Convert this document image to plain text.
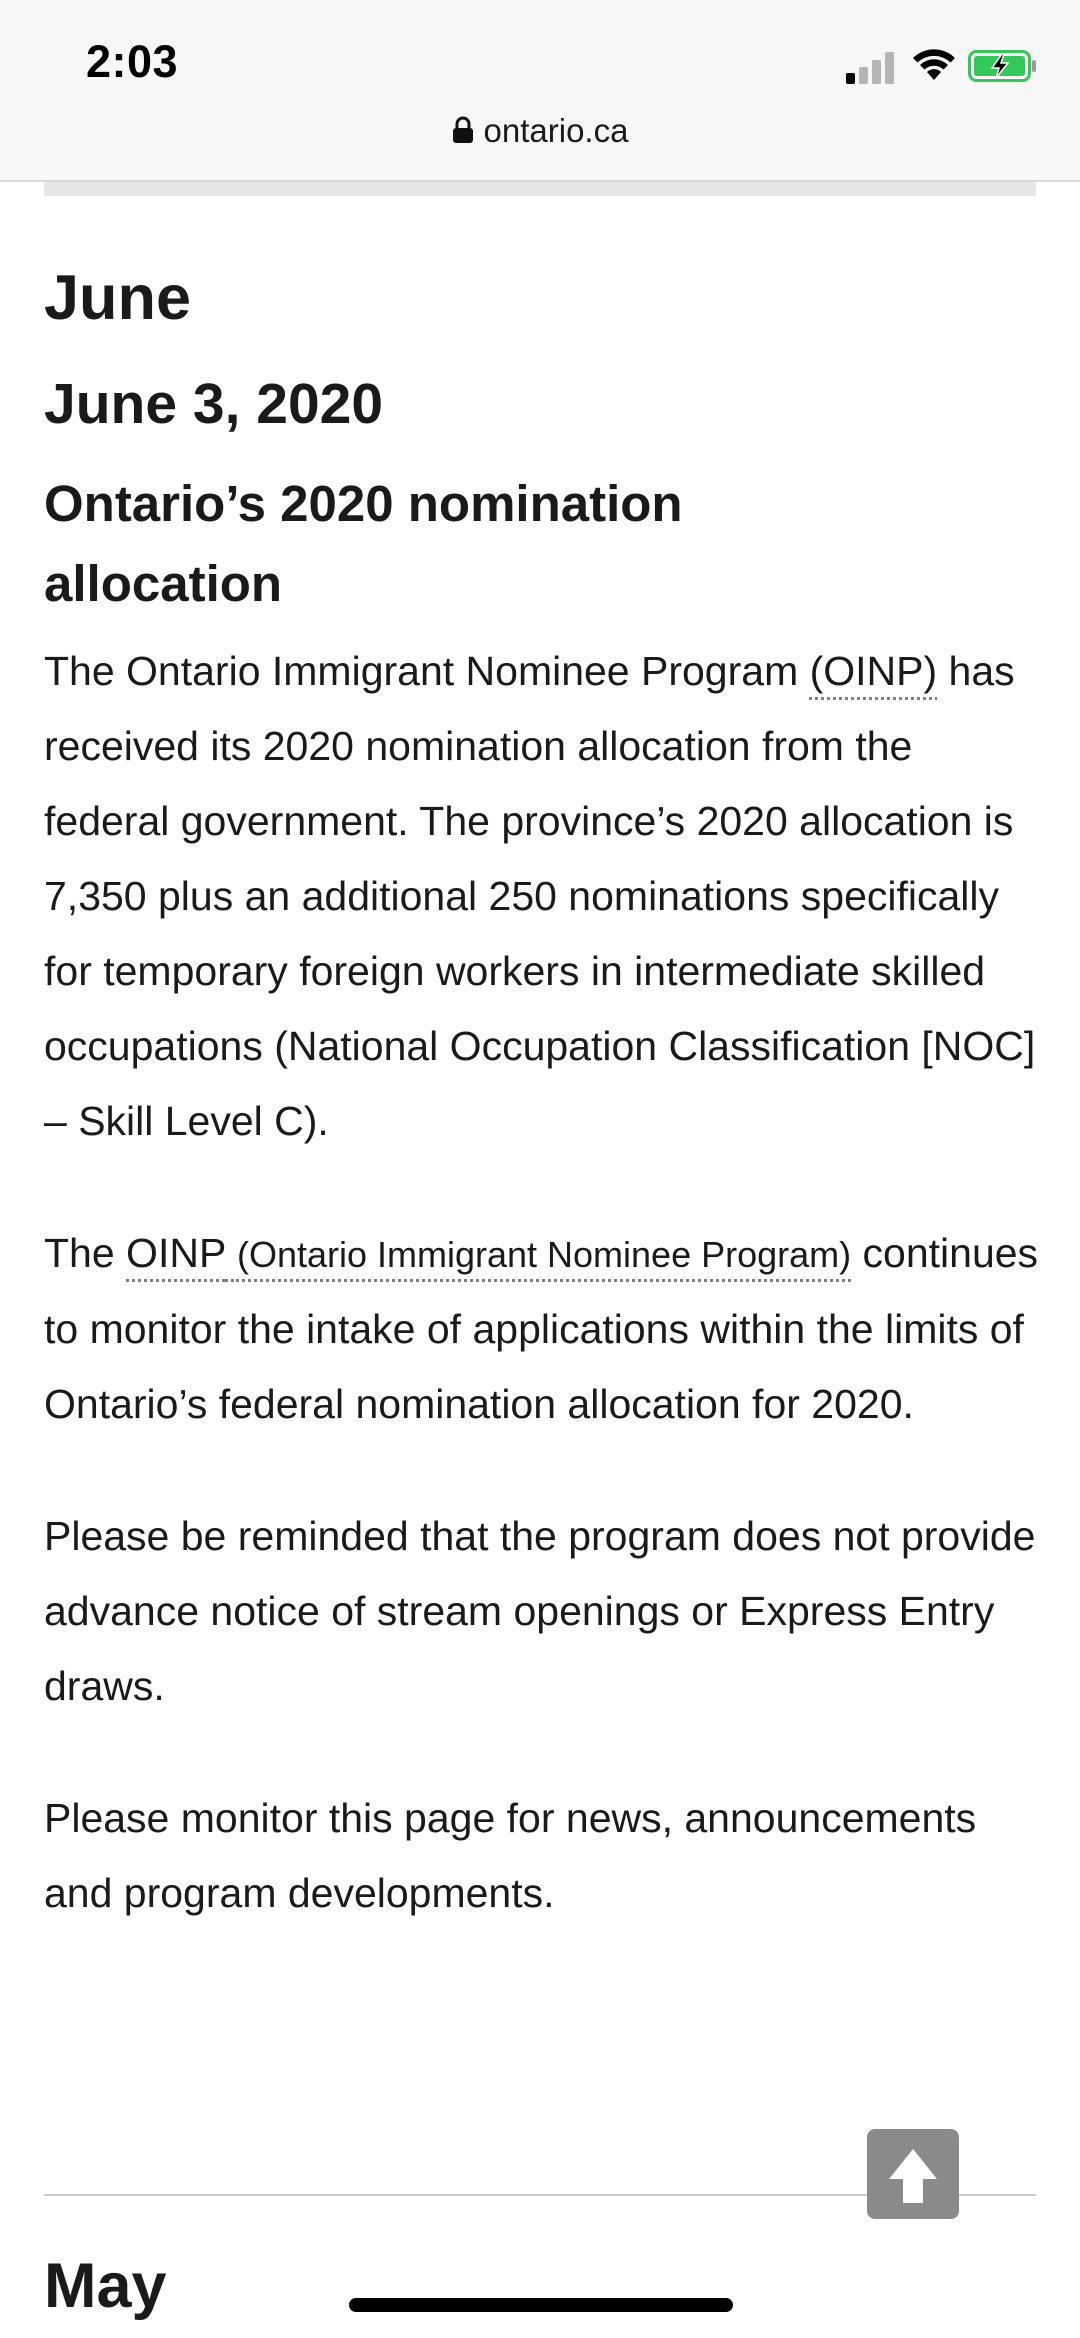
2:03
ontario.ca
June
June 3, 2020
Ontario’s 2020 nomination allocation

The Ontario Immigrant Nominee Program (OINP) has received its 2020 nomination allocation from the federal government. The province’s 2020 allocation is 7,350 plus an additional 250 nominations specifically for temporary foreign workers in intermediate skilled occupations (National Occupation Classification [NOC] – Skill Level C).

The OINP (Ontario Immigrant Nominee Program) continues to monitor the intake of applications within the limits of Ontario’s federal nomination allocation for 2020.

Please be reminded that the program does not provide advance notice of stream openings or Express Entry draws.

Please monitor this page for news, announcements and program developments.

May
